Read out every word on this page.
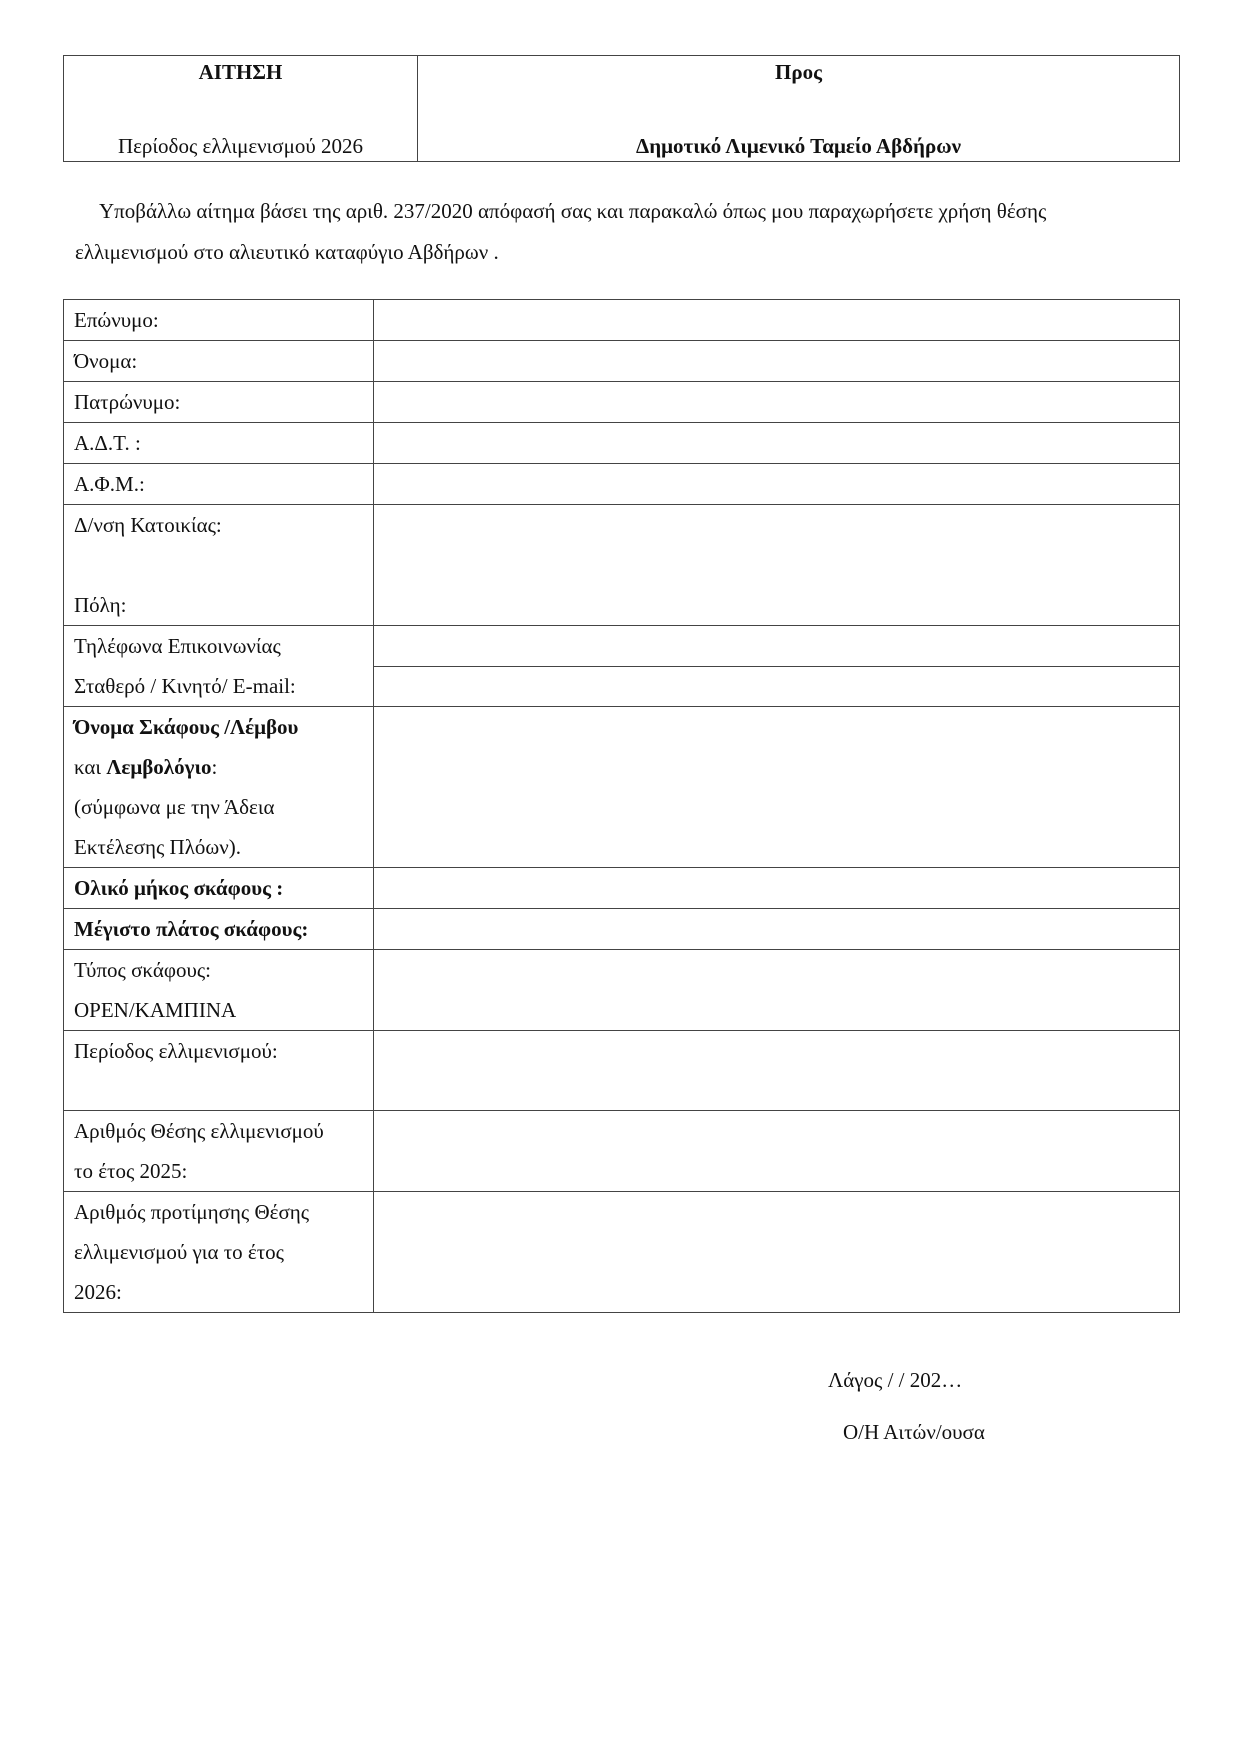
ΑΙΤΗΣΗ
Περίοδος ελλιμενισμού 2026

Προς
Δημοτικό Λιμενικό Ταμείο Αβδήρων

Υποβάλλω αίτημα βάσει της αριθ. 237/2020 απόφασή σας και παρακαλώ όπως μου παραχωρήσετε χρήση θέσης

ελλιμενισμού στο αλιευτικό καταφύγιο Αβδήρων .

Επώνυμο:	
Όνομα:	
Πατρώνυμο:	
Α.Δ.Τ. :	
Α.Φ.Μ.:	

Δ/νση Κατοικίας:
Πόλη:	

Τηλέφωνα Επικοινωνίας
Σταθερό / Κινητό/ E-mail:	

Όνομα Σκάφους /Λέμβου
και Λεμβολόγιο:
(σύμφωνα με την Άδεια
Εκτέλεσης Πλόων).	

Ολικό μήκος σκάφους :	
Μέγιστο πλάτος σκάφους:	

Τύπος σκάφους:
OPEN/ΚΑΜΠΙΝΑ	

Περίοδος ελλιμενισμού:	

Αριθμός Θέσης ελλιμενισμού
το έτος 2025:	

Αριθμός προτίμησης Θέσης
ελλιμενισμού για το έτος
2026:	

Λάγος / / 202…
Ο/Η Αιτών/ουσα
